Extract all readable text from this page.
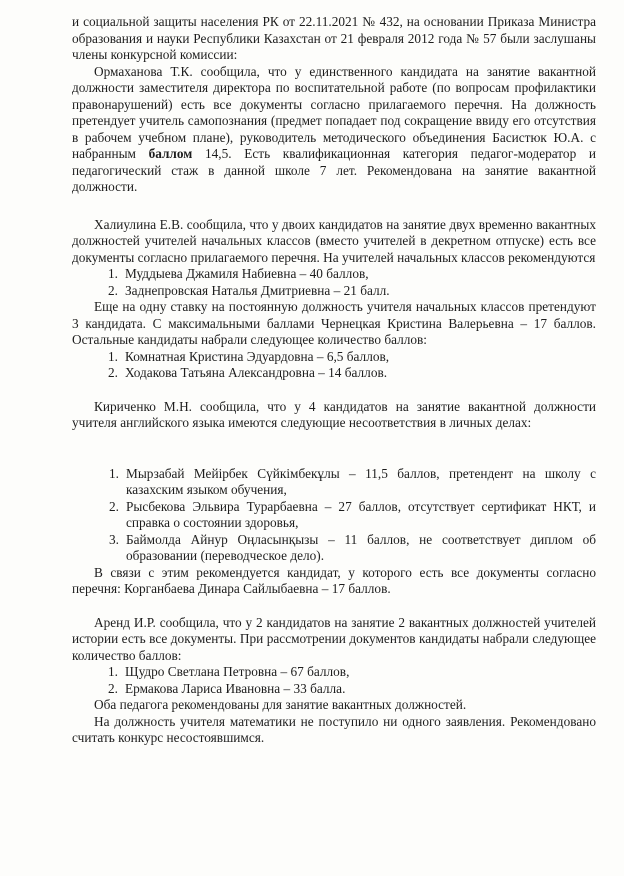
и социальной защиты населения РК от 22.11.2021 № 432, на основании Приказа Министра образования и науки Республики Казахстан от 21 февраля 2012 года № 57 были заслушаны члены конкурсной комиссии:

Ормаханова Т.К. сообщила, что у единственного кандидата на занятие вакантной должности заместителя директора по воспитательной работе (по вопросам профилактики правонарушений) есть все документы согласно прилагаемого перечня. На должность претендует учитель самопознания (предмет попадает под сокращение ввиду его отсутствия в рабочем учебном плане), руководитель методического объединения Басистюк Ю.А. с набранным баллом 14,5. Есть квалификационная категория педагог-модератор и педагогический стаж в данной школе 7 лет. Рекомендована на занятие вакантной должности.

Халиулина Е.В. сообщила, что у двоих кандидатов на занятие двух временно вакантных должностей учителей начальных классов (вместо учителей в декретном отпуске) есть все документы согласно прилагаемого перечня. На учителей начальных классов рекомендуются

1. Муддыева Джамиля Набиевна – 40 баллов,
2. Заднепровская Наталья Дмитриевна – 21 балл.

Еще на одну ставку на постоянную должность учителя начальных классов претендуют 3 кандидата. С максимальными баллами Чернецкая Кристина Валерьевна – 17 баллов. Остальные кандидаты набрали следующее количество баллов:

1. Комнатная Кристина Эдуардовна – 6,5 баллов,
2. Ходакова Татьяна Александровна – 14 баллов.

Кириченко М.Н. сообщила, что у 4 кандидатов на занятие вакантной должности учителя английского языка имеются следующие несоответствия в личных делах:

1. Мырзабай Мейірбек Сүйкімбекұлы – 11,5 баллов, претендент на школу с казахским языком обучения,
2. Рысбекова Эльвира Турарбаевна – 27 баллов, отсутствует сертификат НКТ, и справка о состоянии здоровья,
3. Баймолда Айнур Оңласынқызы – 11 баллов, не соответствует диплом об образовании (переводческое дело).

В связи с этим рекомендуется кандидат, у которого есть все документы согласно перечня: Корганбаева Динара Сайлыбаевна – 17 баллов.

Аренд И.Р. сообщила, что у 2 кандидатов на занятие 2 вакантных должностей учителей истории есть все документы. При рассмотрении документов кандидаты набрали следующее количество баллов:

1. Щудро Светлана Петровна – 67 баллов,
2. Ермакова Лариса Ивановна – 33 балла.

Оба педагога рекомендованы для занятие вакантных должностей.

На должность учителя математики не поступило ни одного заявления. Рекомендовано считать конкурс несостоявшимся.
